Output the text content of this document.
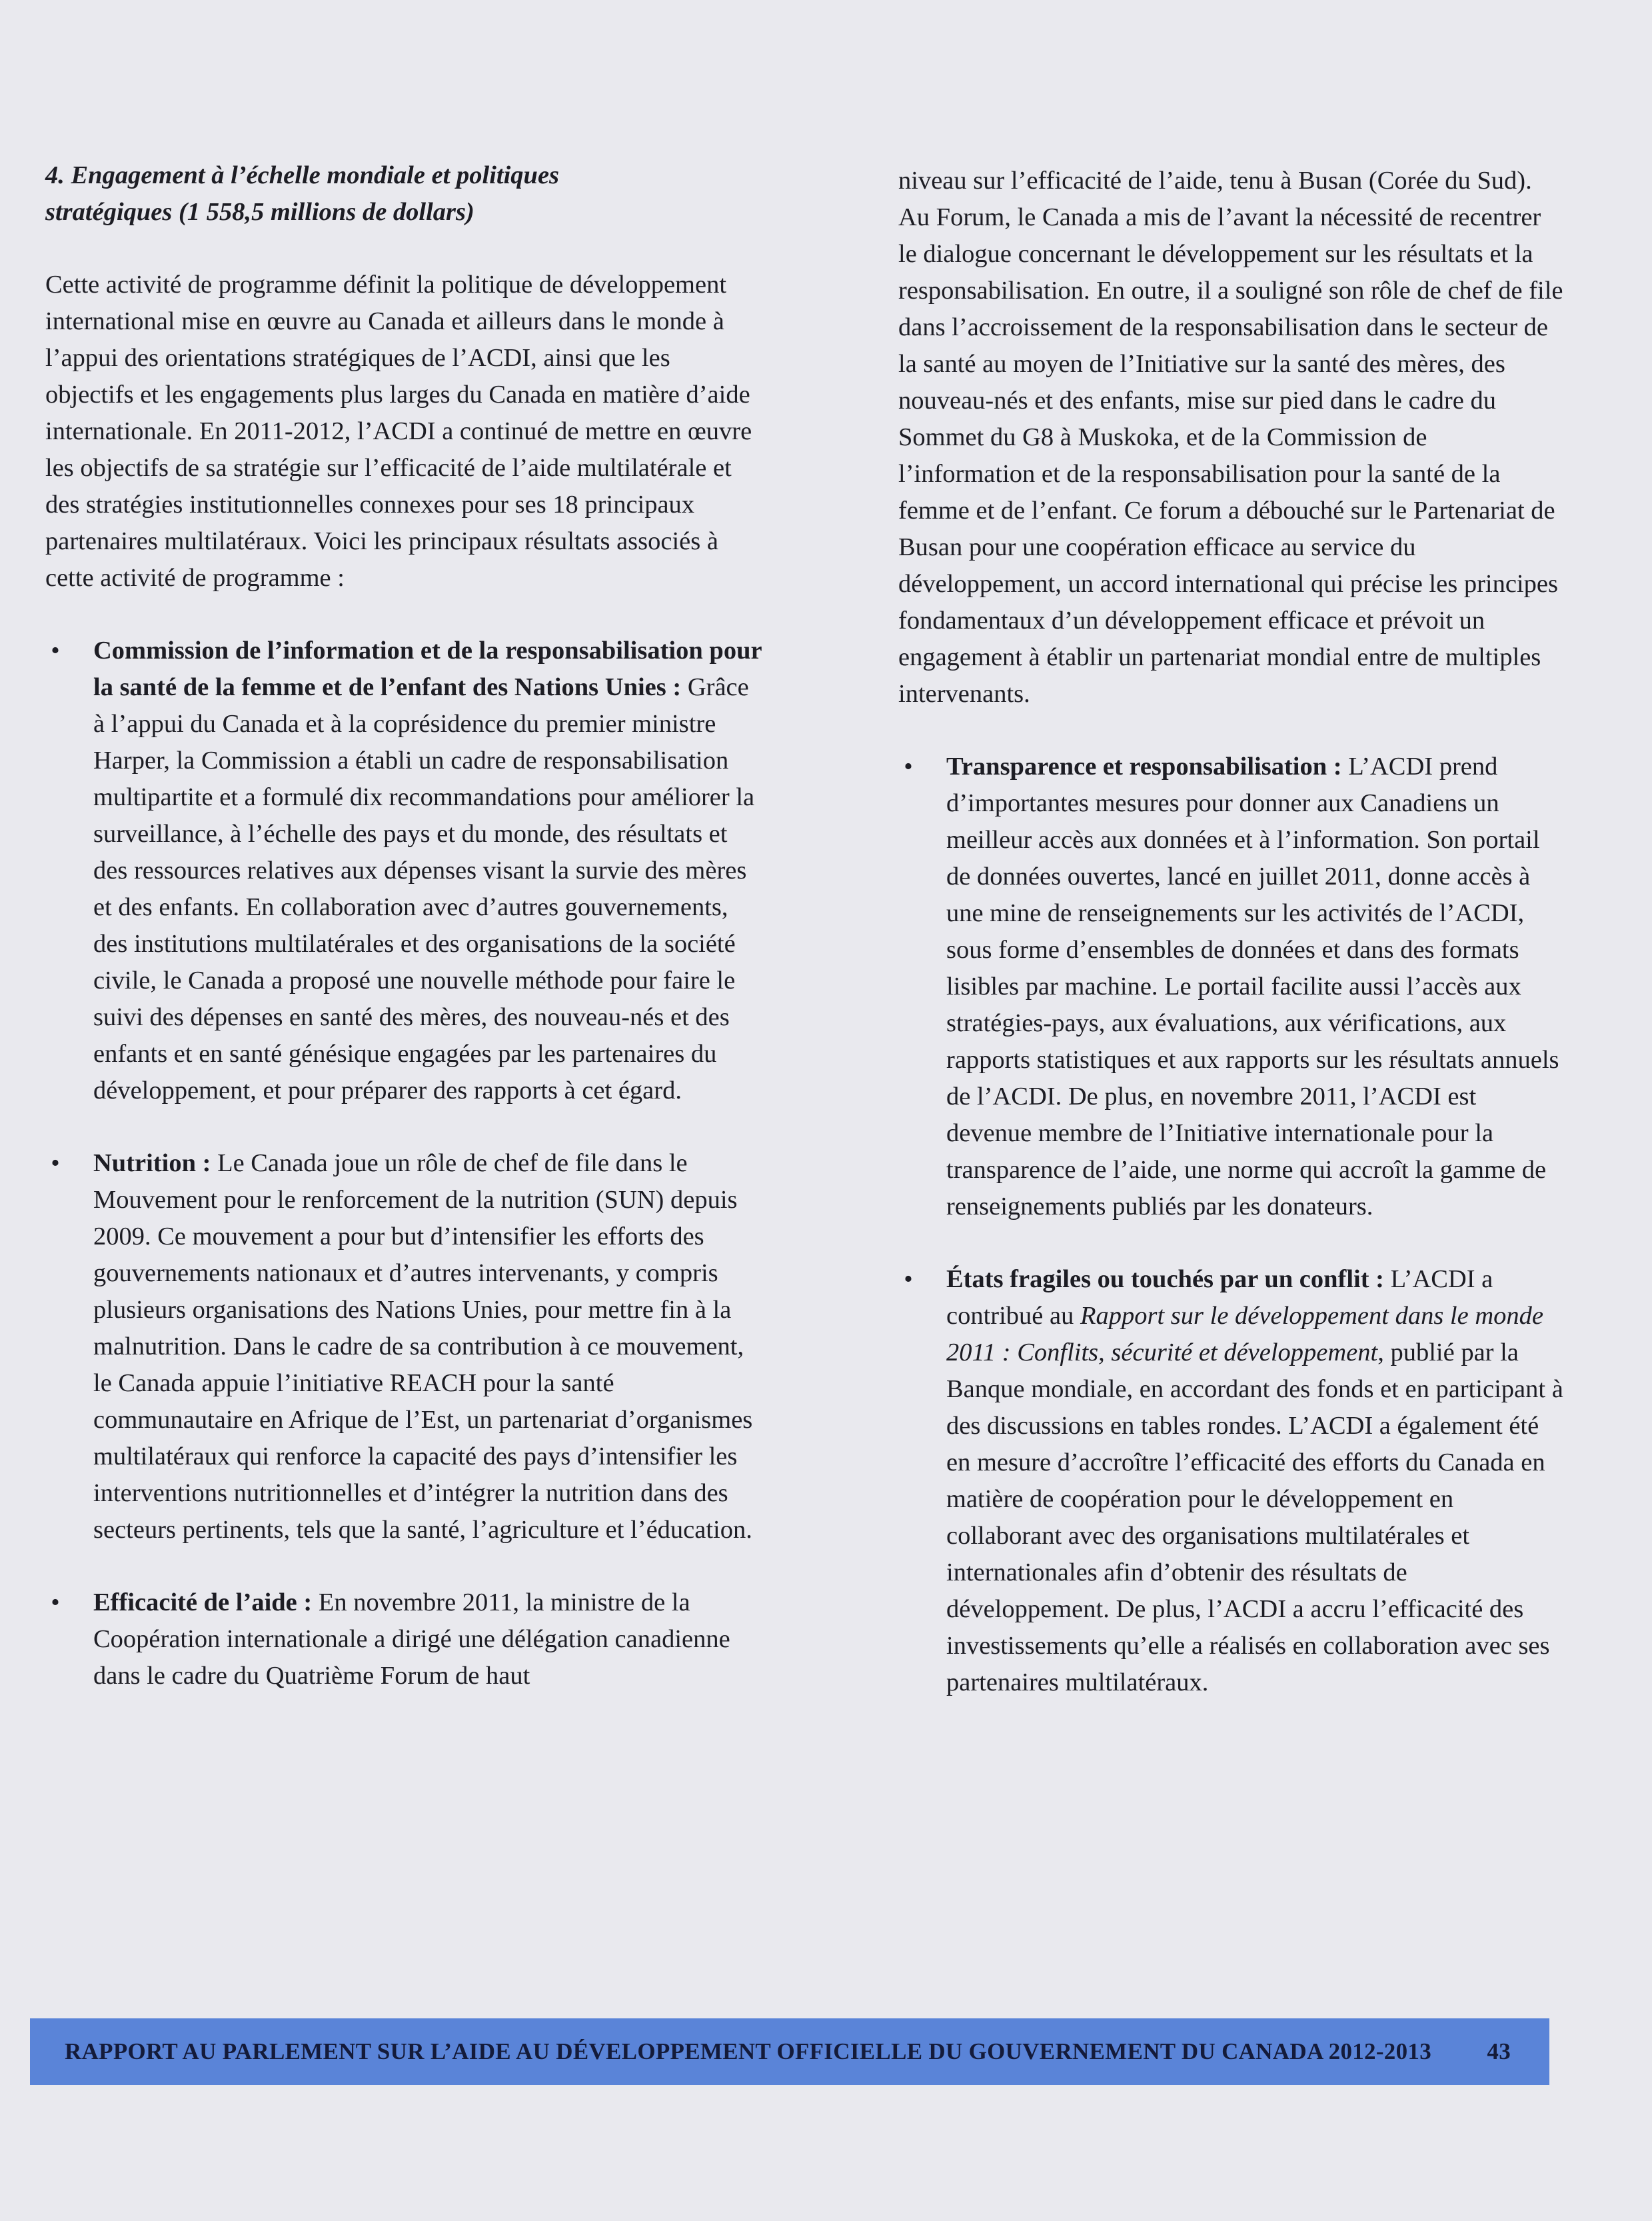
4. Engagement à l’échelle mondiale et politiques
stratégiques (1 558,5 millions de dollars)

Cette activité de programme définit la politique de développement international mise en œuvre au Canada et ailleurs dans le monde à l’appui des orientations stratégiques de l’ACDI, ainsi que les objectifs et les engagements plus larges du Canada en matière d’aide internationale. En 2011-2012, l’ACDI a continué de mettre en œuvre les objectifs de sa stratégie sur l’efficacité de l’aide multilatérale et des stratégies institutionnelles connexes pour ses 18 principaux partenaires multilatéraux. Voici les principaux résultats associés à cette activité de programme :

• Commission de l’information et de la responsabilisation pour la santé de la femme et de l’enfant des Nations Unies : Grâce à l’appui du Canada et à la coprésidence du premier ministre Harper, la Commission a établi un cadre de responsabilisation multipartite et a formulé dix recommandations pour améliorer la surveillance, à l’échelle des pays et du monde, des résultats et des ressources relatives aux dépenses visant la survie des mères et des enfants. En collaboration avec d’autres gouvernements, des institutions multilatérales et des organisations de la société civile, le Canada a proposé une nouvelle méthode pour faire le suivi des dépenses en santé des mères, des nouveau-nés et des enfants et en santé génésique engagées par les partenaires du développement, et pour préparer des rapports à cet égard.
• Nutrition : Le Canada joue un rôle de chef de file dans le Mouvement pour le renforcement de la nutrition (SUN) depuis 2009. Ce mouvement a pour but d’intensifier les efforts des gouvernements nationaux et d’autres intervenants, y compris plusieurs organisations des Nations Unies, pour mettre fin à la malnutrition. Dans le cadre de sa contribution à ce mouvement, le Canada appuie l’initiative REACH pour la santé communautaire en Afrique de l’Est, un partenariat d’organismes multilatéraux qui renforce la capacité des pays d’intensifier les interventions nutritionnelles et d’intégrer la nutrition dans des secteurs pertinents, tels que la santé, l’agriculture et l’éducation.
• Efficacité de l’aide : En novembre 2011, la ministre de la Coopération internationale a dirigé une délégation canadienne dans le cadre du Quatrième Forum de haut
niveau sur l’efficacité de l’aide, tenu à Busan (Corée du Sud). Au Forum, le Canada a mis de l’avant la nécessité de recentrer le dialogue concernant le développement sur les résultats et la responsabilisation. En outre, il a souligné son rôle de chef de file dans l’accroissement de la responsabilisation dans le secteur de la santé au moyen de l’Initiative sur la santé des mères, des nouveau-nés et des enfants, mise sur pied dans le cadre du Sommet du G8 à Muskoka, et de la Commission de l’information et de la responsabilisation pour la santé de la femme et de l’enfant. Ce forum a débouché sur le Partenariat de Busan pour une coopération efficace au service du développement, un accord international qui précise les principes fondamentaux d’un développement efficace et prévoit un engagement à établir un partenariat mondial entre de multiples intervenants.
• Transparence et responsabilisation : L’ACDI prend d’importantes mesures pour donner aux Canadiens un meilleur accès aux données et à l’information. Son portail de données ouvertes, lancé en juillet 2011, donne accès à une mine de renseignements sur les activités de l’ACDI, sous forme d’ensembles de données et dans des formats lisibles par machine. Le portail facilite aussi l’accès aux stratégies-pays, aux évaluations, aux vérifications, aux rapports statistiques et aux rapports sur les résultats annuels de l’ACDI. De plus, en novembre 2011, l’ACDI est devenue membre de l’Initiative internationale pour la transparence de l’aide, une norme qui accroît la gamme de renseignements publiés par les donateurs.
• États fragiles ou touchés par un conflit : L’ACDI a contribué au Rapport sur le développement dans le monde 2011 : Conflits, sécurité et développement, publié par la Banque mondiale, en accordant des fonds et en participant à des discussions en tables rondes. L’ACDI a également été en mesure d’accroître l’efficacité des efforts du Canada en matière de coopération pour le développement en collaborant avec des organisations multilatérales et internationales afin d’obtenir des résultats de développement. De plus, l’ACDI a accru l’efficacité des investissements qu’elle a réalisés en collaboration avec ses partenaires multilatéraux.
RAPPORT AU PARLEMENT SUR L’AIDE AU DÉVELOPPEMENT OFFICIELLE DU GOUVERNEMENT DU CANADA 2012-2013 43
